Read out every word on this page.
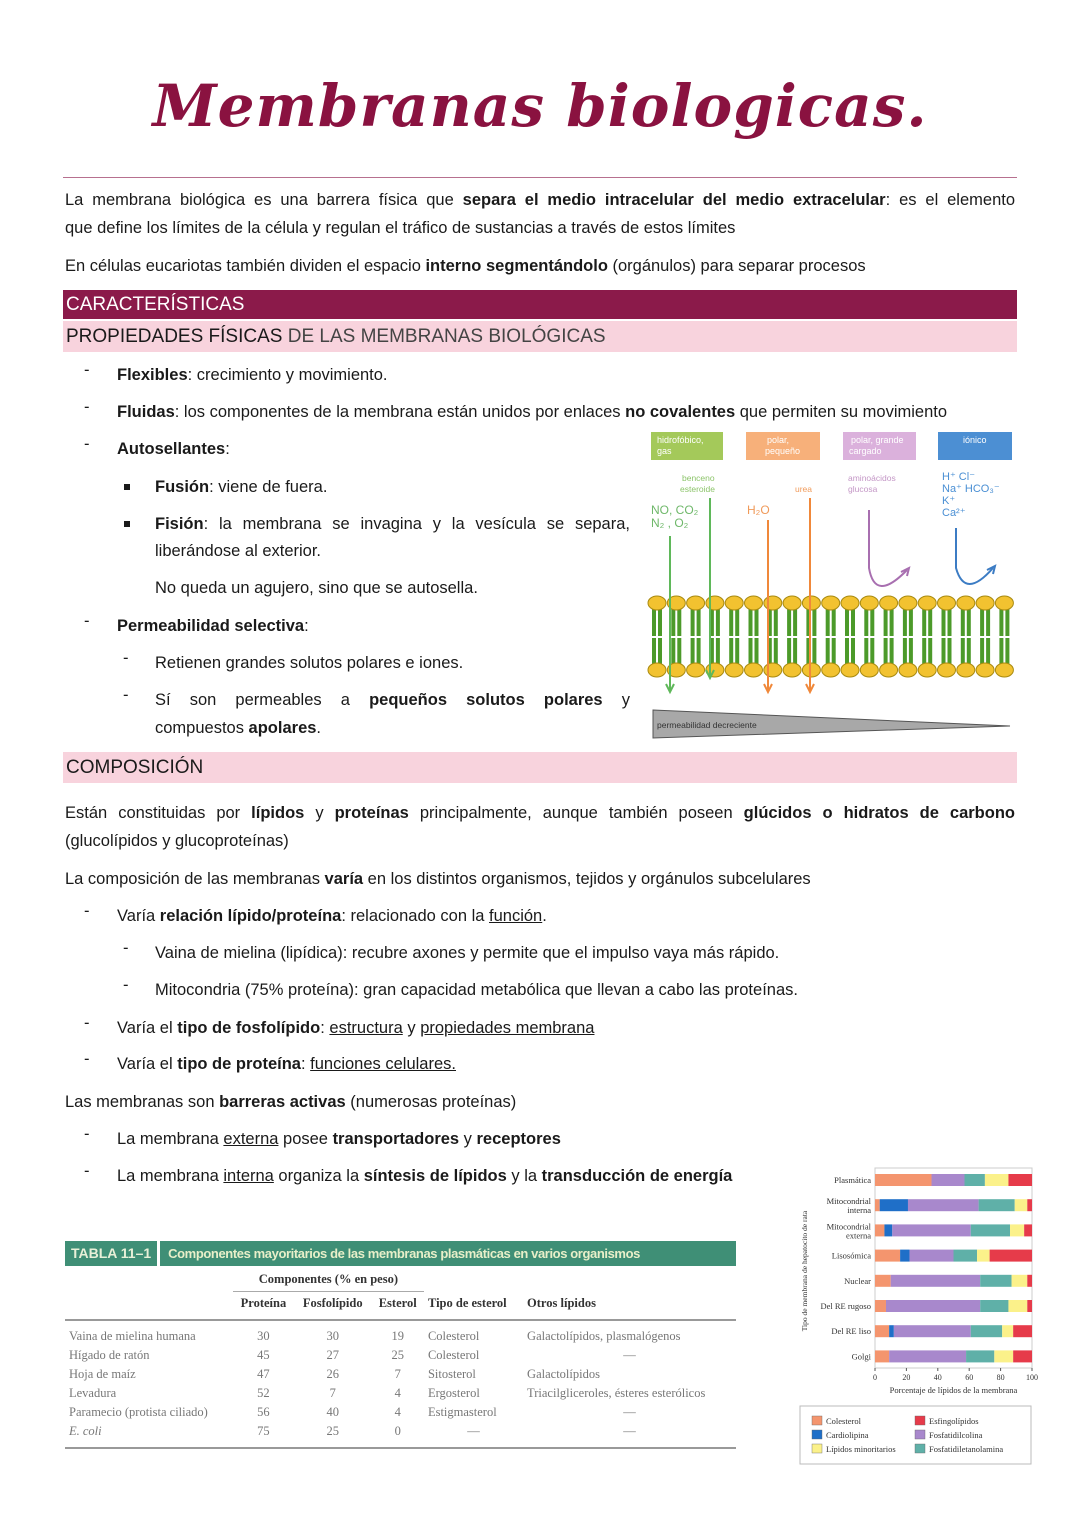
Membranas biologicas.
La membrana biológica es una barrera física que separa el medio intracelular del medio extracelular: es el elemento
que define los límites de la célula y regulan el tráfico de sustancias a través de estos límites
En células eucariotas también dividen el espacio interno segmentándolo (orgánulos) para separar procesos
CARACTERÍSTICAS
PROPIEDADES FÍSICAS DE LAS MEMBRANAS BIOLÓGICAS
- Flexibles: crecimiento y movimiento.
- Fluidas: los componentes de la membrana están unidos por enlaces no covalentes que permiten su movimiento
- Autosellantes:
Fusión: viene de fuera.
Fisión: la membrana se invagina y la vesícula se separa,
liberándose al exterior.
No queda un agujero, sino que se autosella.
- Permeabilidad selectiva:
- Retienen grandes solutos polares e iones.
- Sí son permeables a pequeños solutos polares y
compuestos apolares.
hidrofóbico,
gas
polar,
pequeño
polar, grande
cargado
iónico
benceno
esteroide
NO, CO₂
N₂ , O₂
H₂O
urea
aminoácidos
glucosa
H⁺ Cl⁻
Na⁺ HCO₃⁻
K⁺
Ca²⁺
permeabilidad decreciente
COMPOSICIÓN
Están constituidas por lípidos y proteínas principalmente, aunque también poseen glúcidos o hidratos de carbono
(glucolípidos y glucoproteínas)
La composición de las membranas varía en los distintos organismos, tejidos y orgánulos subcelulares
- Varía relación lípido/proteína: relacionado con la función.
- Vaina de mielina (lipídica): recubre axones y permite que el impulso vaya más rápido.
- Mitocondria (75% proteína): gran capacidad metabólica que llevan a cabo las proteínas.
- Varía el tipo de fosfolípido: estructura y propiedades membrana
- Varía el tipo de proteína: funciones celulares.
Las membranas son barreras activas (numerosas proteínas)
- La membrana externa posee transportadores y receptores
- La membrana interna organiza la síntesis de lípidos y la transducción de energía
TABLA 11–1	Componentes mayoritarios de las membranas plasmáticas en varios organismos
	Componentes (% en peso)				
	Proteína	Fosfolípido	Esterol	Tipo de esterol	Otros lípidos
Vaina de mielina humana	30	30	19	Colesterol	Galactolípidos, plasmalógenos
Hígado de ratón	45	27	25	Colesterol	—
Hoja de maíz	47	26	7	Sitosterol	Galactolípidos
Levadura	52	7	4	Ergosterol	Triacilgliceroles, ésteres esterólicos
Paramecio (protista ciliado)	56	40	4	Estigmasterol	—
E. coli	75	25	0	—	—

Plasmática
Mitocondrial
interna
Mitocondrial
externa
Lisosómica
Nuclear
Del RE rugoso
Del RE liso
Golgi
0	20	40	60	80	100
Porcentaje de lípidos de la membrana
Tipo de membrana de hepatocito de rata
Colesterol	Esfingolípidos
Cardiolipina	Fosfatidilcolina
Lípidos minoritarios	Fosfatidiletanolamina
